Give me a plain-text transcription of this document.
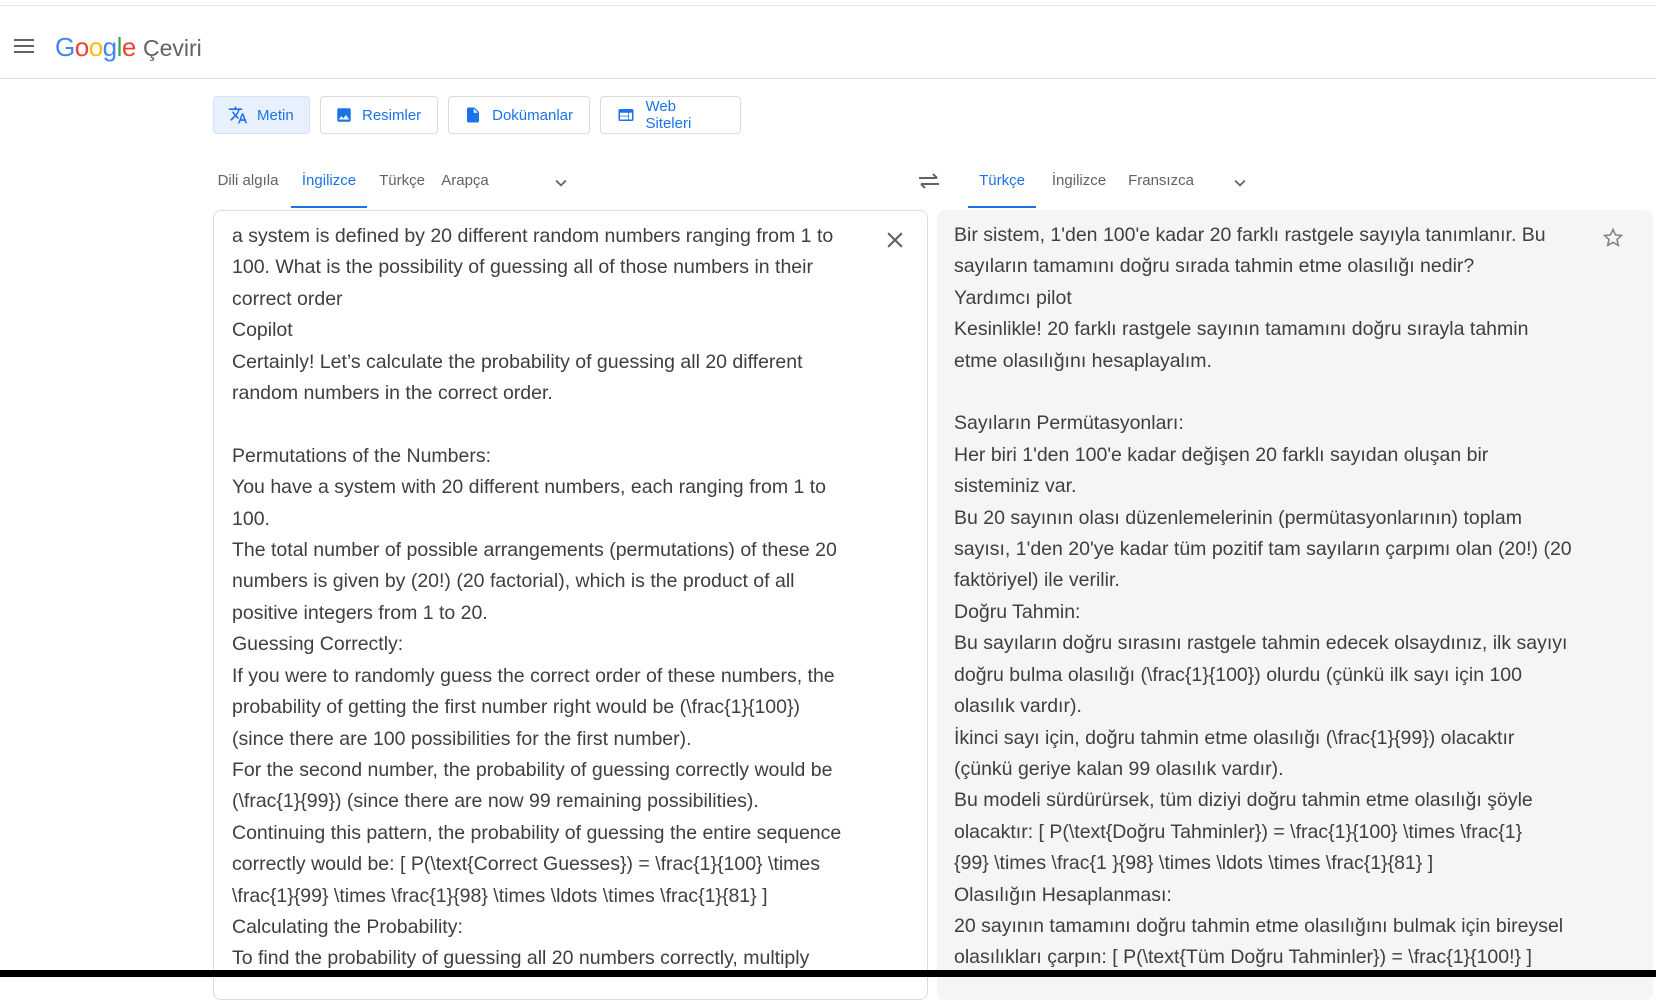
Google Çeviri
Metin	Resimler	Dokümanlar	Web Siteleri
Dili algıla	İngilizce	Türkçe Arapça	Türkçe	İngilizce	Fransızca
a system is defined by 20 different random numbers ranging from 1 to
100. What is the possibility of guessing all of those numbers in their
correct order
Copilot
Certainly! Let’s calculate the probability of guessing all 20 different
random numbers in the correct order.

Permutations of the Numbers:
You have a system with 20 different numbers, each ranging from 1 to
100.
The total number of possible arrangements (permutations) of these 20
numbers is given by (20!) (20 factorial), which is the product of all
positive integers from 1 to 20.
Guessing Correctly:
If you were to randomly guess the correct order of these numbers, the
probability of getting the first number right would be (\frac{1}{100})
(since there are 100 possibilities for the first number).
For the second number, the probability of guessing correctly would be
(\frac{1}{99}) (since there are now 99 remaining possibilities).
Continuing this pattern, the probability of guessing the entire sequence
correctly would be: [ P(\text{Correct Guesses}) = \frac{1}{100} \times
\frac{1}{99} \times \frac{1}{98} \times \ldots \times \frac{1}{81} ]
Calculating the Probability:
To find the probability of guessing all 20 numbers correctly, multiply
Bir sistem, 1'den 100'e kadar 20 farklı rastgele sayıyla tanımlanır. Bu
sayıların tamamını doğru sırada tahmin etme olasılığı nedir?
Yardımcı pilot
Kesinlikle! 20 farklı rastgele sayının tamamını doğru sırayla tahmin
etme olasılığını hesaplayalım.

Sayıların Permütasyonları:
Her biri 1'den 100'e kadar değişen 20 farklı sayıdan oluşan bir
sisteminiz var.
Bu 20 sayının olası düzenlemelerinin (permütasyonlarının) toplam
sayısı, 1'den 20'ye kadar tüm pozitif tam sayıların çarpımı olan (20!) (20
faktöriyel) ile verilir.
Doğru Tahmin:
Bu sayıların doğru sırasını rastgele tahmin edecek olsaydınız, ilk sayıyı
doğru bulma olasılığı (\frac{1}{100}) olurdu (çünkü ilk sayı için 100
olasılık vardır).
İkinci sayı için, doğru tahmin etme olasılığı (\frac{1}{99}) olacaktır
(çünkü geriye kalan 99 olasılık vardır).
Bu modeli sürdürürsek, tüm diziyi doğru tahmin etme olasılığı şöyle
olacaktır: [ P(\text{Doğru Tahminler}) = \frac{1}{100} \times \frac{1}
{99} \times \frac{1 }{98} \times \ldots \times \frac{1}{81} ]
Olasılığın Hesaplanması:
20 sayının tamamını doğru tahmin etme olasılığını bulmak için bireysel
olasılıkları çarpın: [ P(\text{Tüm Doğru Tahminler}) = \frac{1}{100!} ]
